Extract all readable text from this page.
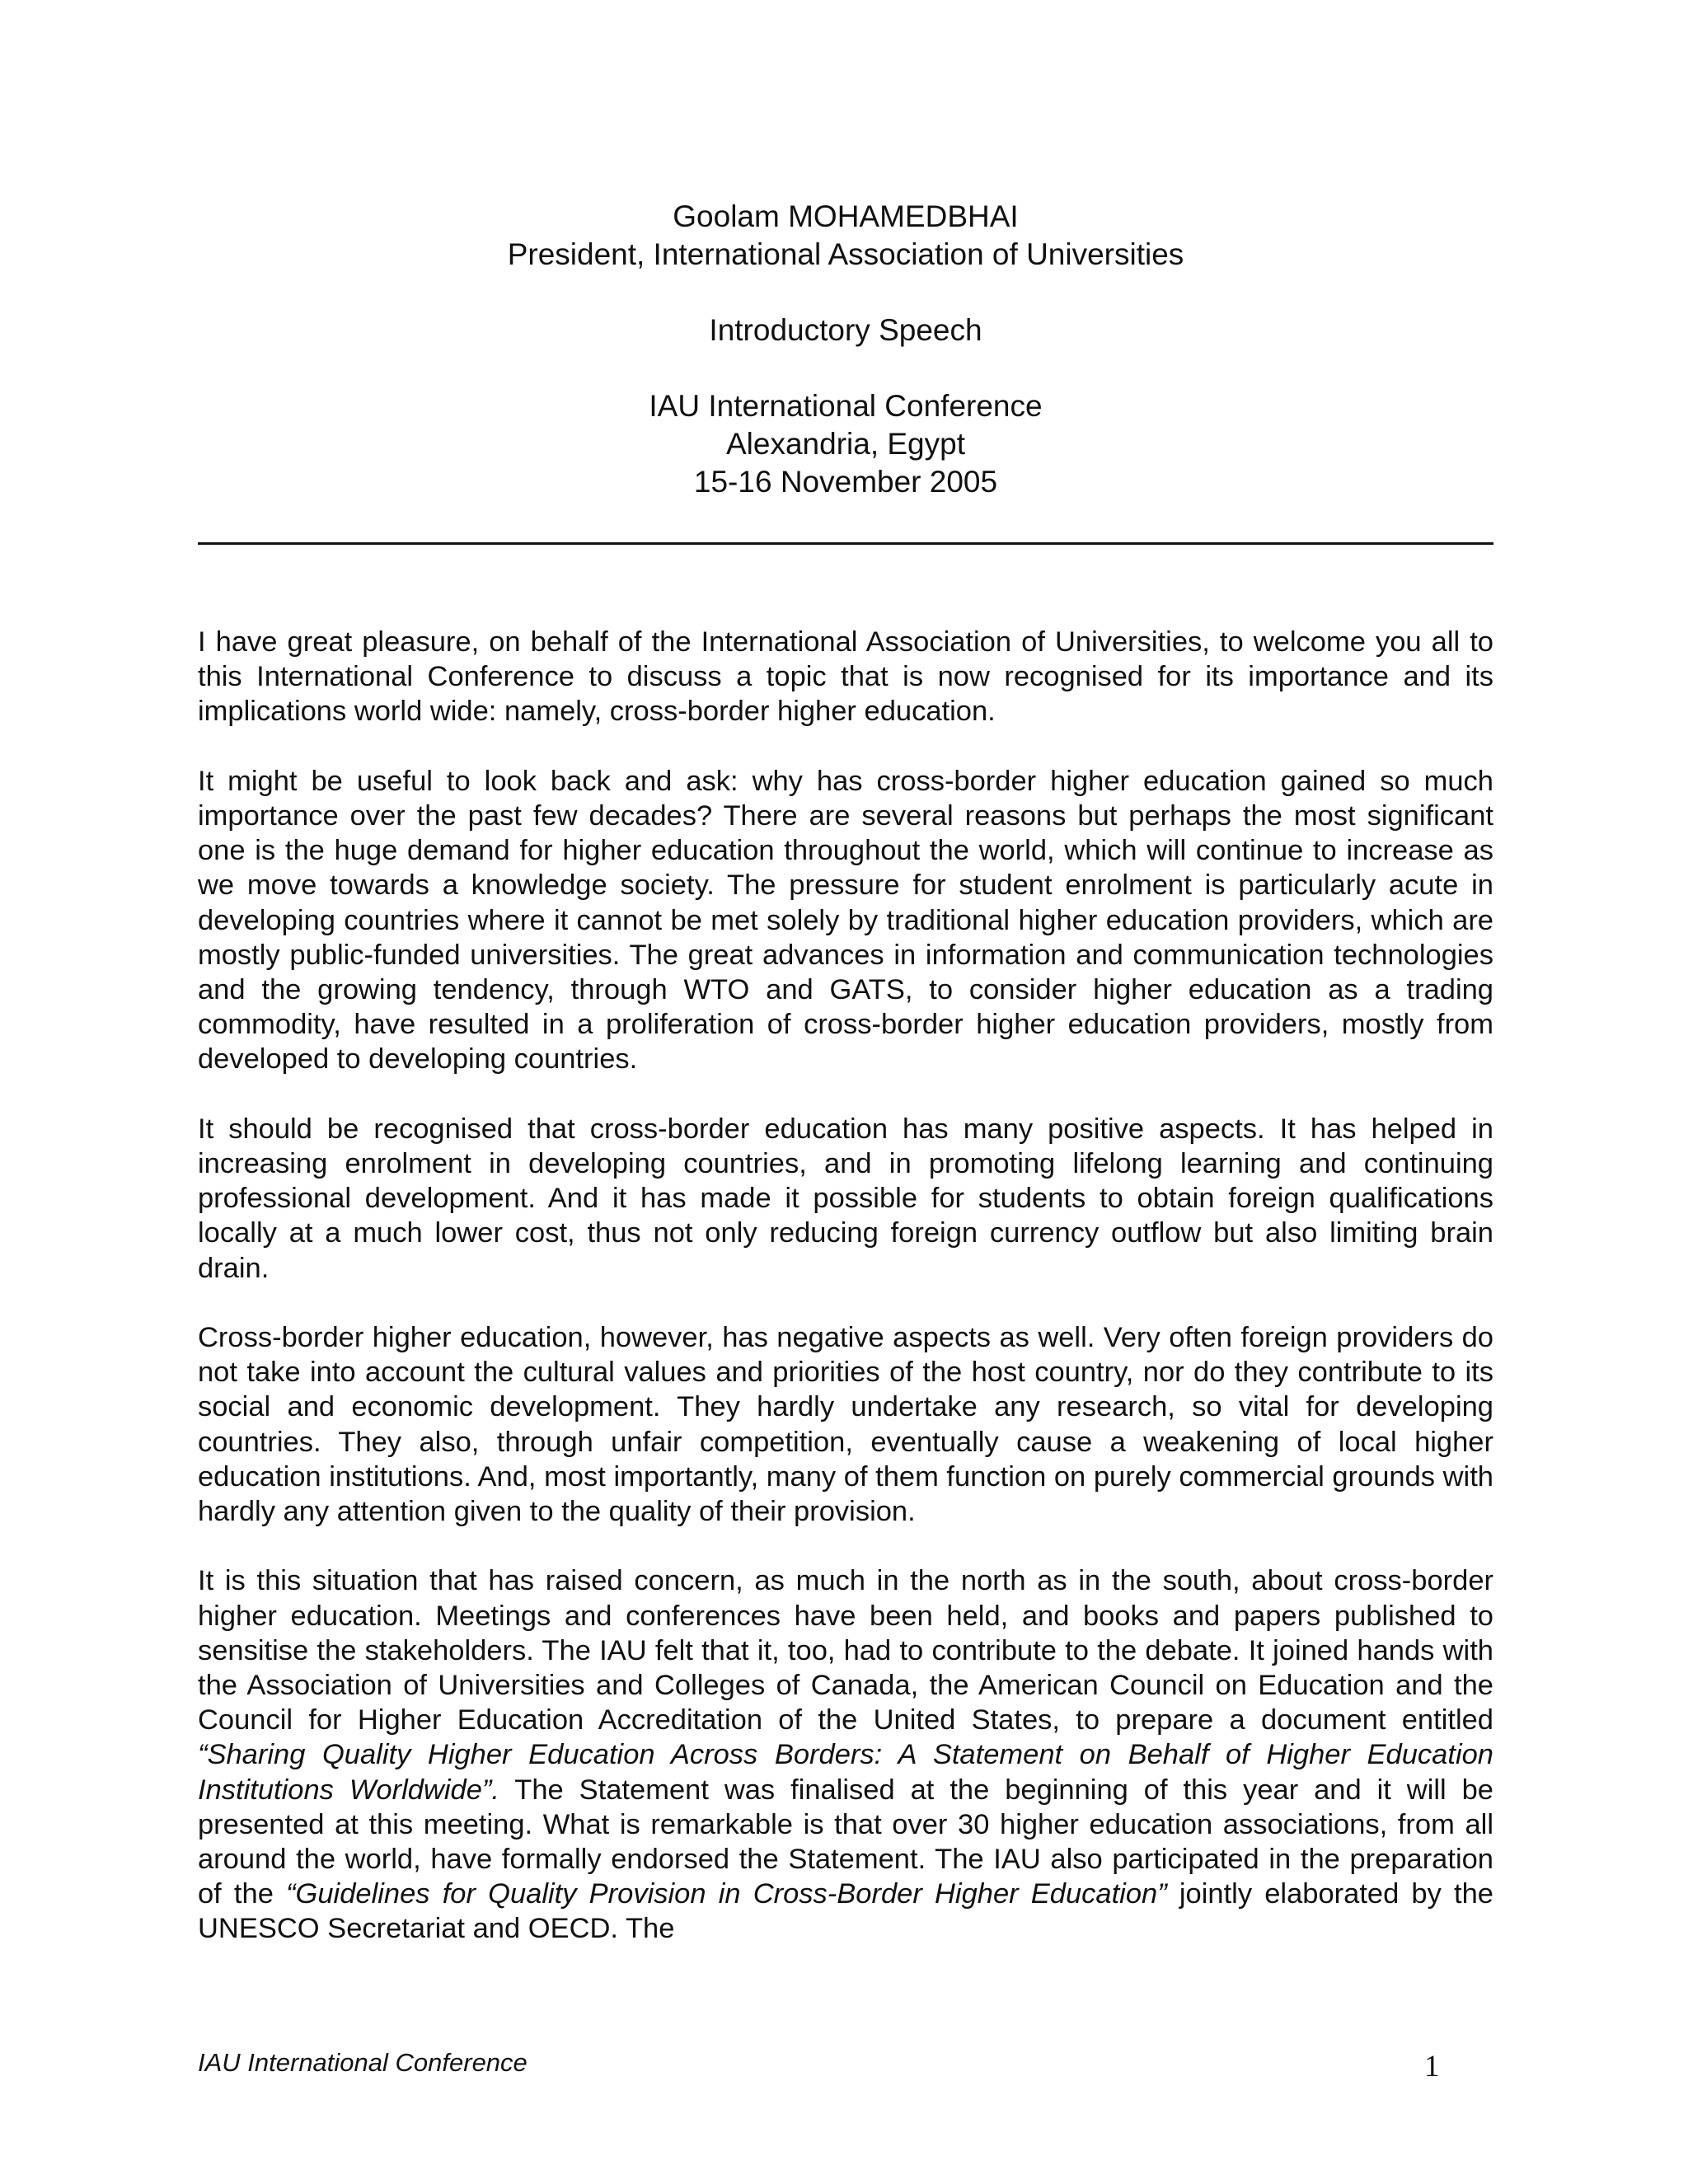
Goolam MOHAMEDBHAI
President, International Association of Universities
Introductory Speech
IAU International Conference
Alexandria, Egypt
15-16 November 2005

I have great pleasure, on behalf of the International Association of Universities, to welcome you all to this International Conference to discuss a topic that is now recognised for its importance and its implications world wide: namely, cross-border higher education.

It might be useful to look back and ask: why has cross-border higher education gained so much importance over the past few decades? There are several reasons but perhaps the most significant one is the huge demand for higher education throughout the world, which will continue to increase as we move towards a knowledge society. The pressure for student enrolment is particularly acute in developing countries where it cannot be met solely by traditional higher education providers, which are mostly public-funded universities. The great advances in information and communication technologies and the growing tendency, through WTO and GATS, to consider higher education as a trading commodity, have resulted in a proliferation of cross-border higher education providers, mostly from developed to developing countries.

It should be recognised that cross-border education has many positive aspects. It has helped in increasing enrolment in developing countries, and in promoting lifelong learning and continuing professional development. And it has made it possible for students to obtain foreign qualifications locally at a much lower cost, thus not only reducing foreign currency outflow but also limiting brain drain.

Cross-border higher education, however, has negative aspects as well. Very often foreign providers do not take into account the cultural values and priorities of the host country, nor do they contribute to its social and economic development. They hardly undertake any research, so vital for developing countries. They also, through unfair competition, eventually cause a weakening of local higher education institutions. And, most importantly, many of them function on purely commercial grounds with hardly any attention given to the quality of their provision.

It is this situation that has raised concern, as much in the north as in the south, about cross-border higher education. Meetings and conferences have been held, and books and papers published to sensitise the stakeholders. The IAU felt that it, too, had to contribute to the debate. It joined hands with the Association of Universities and Colleges of Canada, the American Council on Education and the Council for Higher Education Accreditation of the United States, to prepare a document entitled “Sharing Quality Higher Education Across Borders: A Statement on Behalf of Higher Education Institutions Worldwide”. The Statement was finalised at the beginning of this year and it will be presented at this meeting. What is remarkable is that over 30 higher education associations, from all around the world, have formally endorsed the Statement. The IAU also participated in the preparation of the “Guidelines for Quality Provision in Cross-Border Higher Education” jointly elaborated by the UNESCO Secretariat and OECD. The

IAU International Conference	1
